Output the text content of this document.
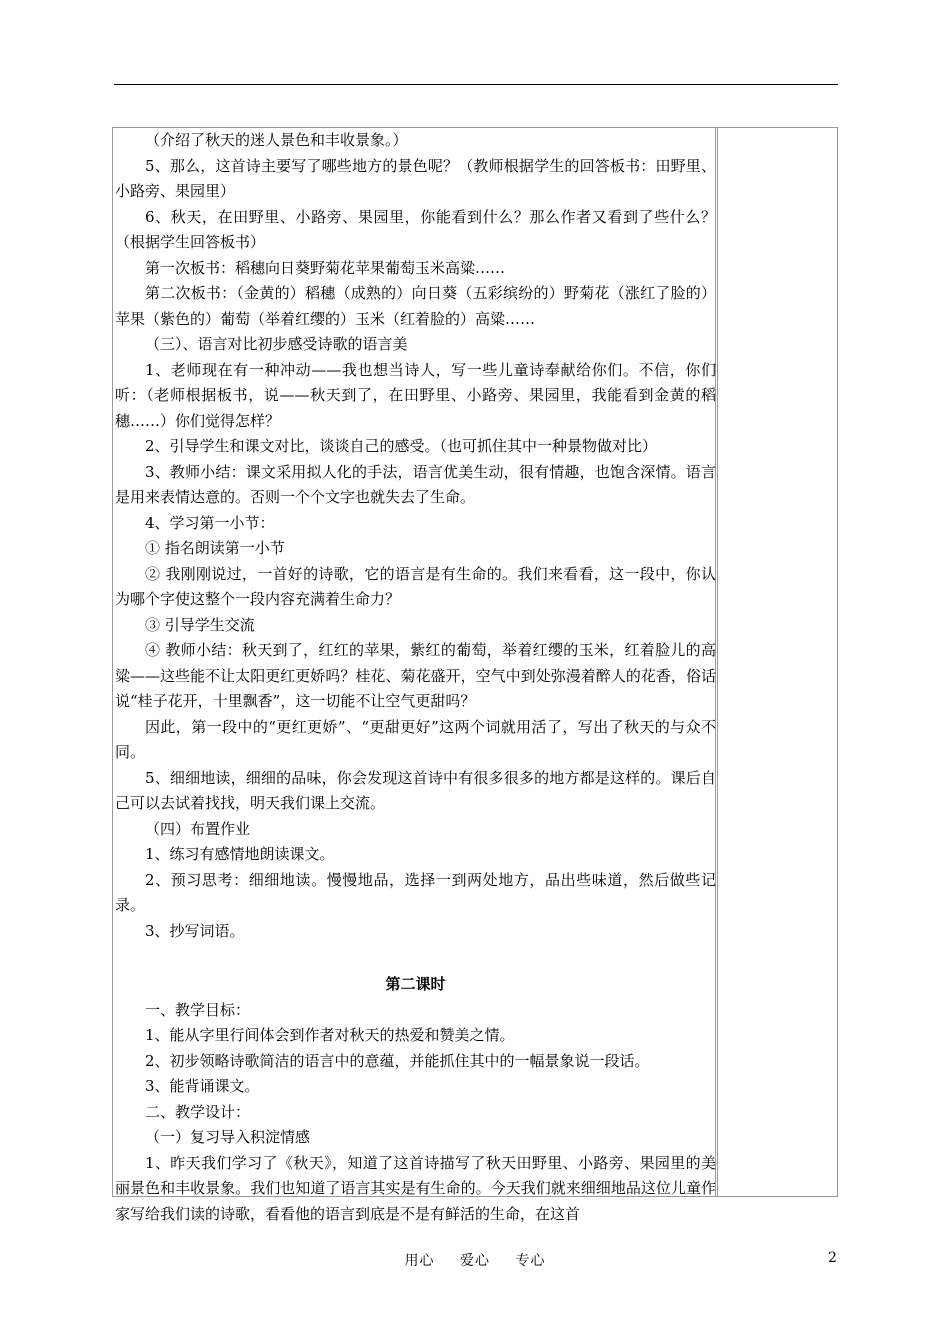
（介绍了秋天的迷人景色和丰收景象。）

5、那么，这首诗主要写了哪些地方的景色呢？（教师根据学生的回答板书：田野里、小路旁、果园里）

6、秋天，在田野里、小路旁、果园里，你能看到什么？那么作者又看到了些什么？（根据学生回答板书）

第一次板书：稻穗向日葵野菊花苹果葡萄玉米高粱……

第二次板书：（金黄的）稻穗（成熟的）向日葵（五彩缤纷的）野菊花（涨红了脸的）苹果（紫色的）葡萄（举着红缨的）玉米（红着脸的）高粱……

（三）、语言对比初步感受诗歌的语言美

1、老师现在有一种冲动——我也想当诗人，写一些儿童诗奉献给你们。不信，你们听：（老师根据板书，说——秋天到了，在田野里、小路旁、果园里，我能看到金黄的稻穗……）你们觉得怎样？

2、引导学生和课文对比，谈谈自己的感受。（也可抓住其中一种景物做对比）

3、教师小结：课文采用拟人化的手法，语言优美生动，很有情趣，也饱含深情。语言是用来表情达意的。否则一个个文字也就失去了生命。

4、学习第一小节：

① 指名朗读第一小节

② 我刚刚说过，一首好的诗歌，它的语言是有生命的。我们来看看，这一段中，你认为哪个字使这整个一段内容充满着生命力？

③ 引导学生交流

④ 教师小结：秋天到了，红红的苹果，紫红的葡萄，举着红缨的玉米，红着脸儿的高粱——这些能不让太阳更红更娇吗？桂花、菊花盛开，空气中到处弥漫着醉人的花香，俗话说“桂子花开，十里飘香”，这一切能不让空气更甜吗？

因此，第一段中的“更红更娇”、“更甜更好”这两个词就用活了，写出了秋天的与众不同。

5、细细地读，细细的品味，你会发现这首诗中有很多很多的地方都是这样的。课后自己可以去试着找找，明天我们课上交流。

（四）布置作业

1、练习有感情地朗读课文。

2、预习思考：细细地读。慢慢地品，选择一到两处地方，品出些味道，然后做些记录。

3、抄写词语。

第二课时

一、教学目标：

1、能从字里行间体会到作者对秋天的热爱和赞美之情。

2、初步领略诗歌简洁的语言中的意蕴，并能抓住其中的一幅景象说一段话。

3、能背诵课文。

二、教学设计：

（一）复习导入积淀情感

1、昨天我们学习了《秋天》，知道了这首诗描写了秋天田野里、小路旁、果园里的美丽景色和丰收景象。我们也知道了语言其实是有生命的。今天我们就来细细地品这位儿童作家写给我们读的诗歌，看看他的语言到底是不是有鲜活的生命，在这首

用心 爱心 专心	2
